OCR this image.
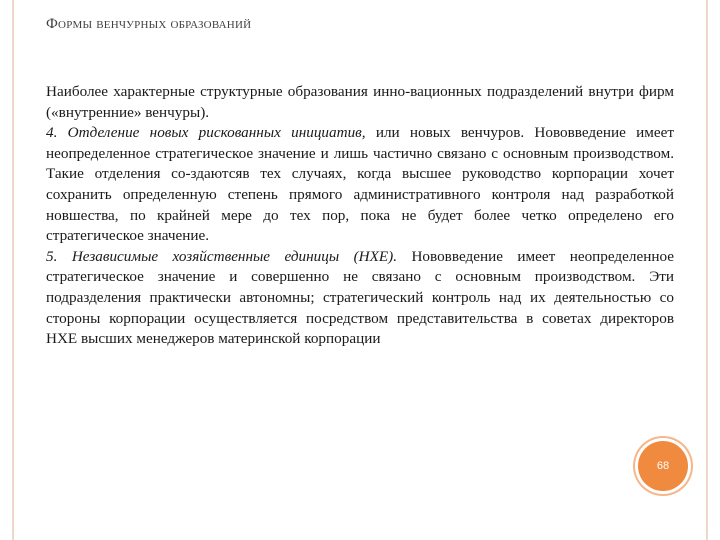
Формы венчурных образований

Наиболее характерные структурные образования инно-вационных подразделений внутри фирм («внутренние» венчуры).

4. Отделение новых рискованных инициатив, или новых венчуров. Нововведение имеет неопределенное стратегическое значение и лишь частично связано с основным производством. Такие отделения со-здаютсяв тех случаях, когда высшее руководство корпорации хочет сохранить определенную степень прямого административного контроля над разработкой новшества, по крайней мере до тех пор, пока не будет более четко определено его стратегическое значение.

5. Независимые хозяйственные единицы (НХЕ). Нововведение имеет неопределенное стратегическое значение и совершенно не связано с основным производством. Эти подразделения практически автономны; стратегический контроль над их деятельностью со стороны корпорации осуществляется посредством представительства в советах директоров НХЕ высших менеджеров материнской корпорации

68
